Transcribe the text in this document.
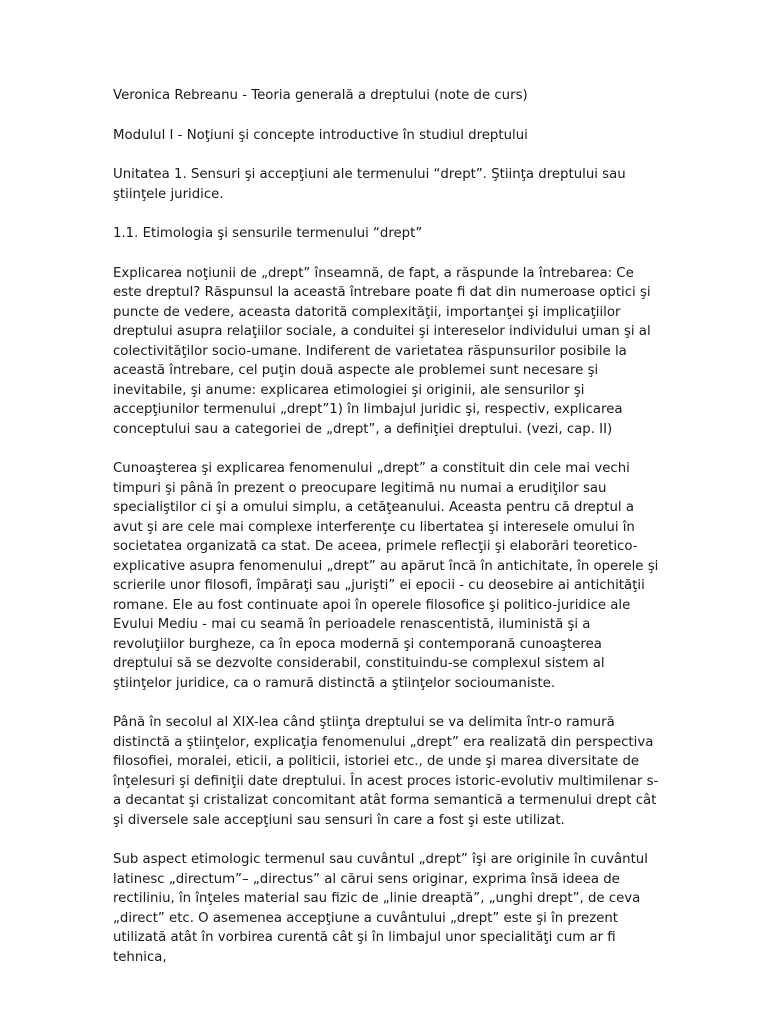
Veronica Rebreanu - Teoria generală a dreptului (note de curs)

Modulul I - Noţiuni şi concepte introductive în studiul dreptului

Unitatea 1. Sensuri şi accepţiuni ale termenului “drept”. Ştiinţa dreptului sau ştiinţele juridice.

1.1. Etimologia şi sensurile termenului “drept”

Explicarea noţiunii de „drept” înseamnă, de fapt, a răspunde la întrebarea: Ce este dreptul? Răspunsul la această întrebare poate fi dat din numeroase optici şi puncte de vedere, aceasta datorită complexităţii, importanţei şi implicaţiilor dreptului asupra relaţiilor sociale, a conduitei şi intereselor individului uman şi al colectivităţilor socio-umane. Indiferent de varietatea răspunsurilor posibile la această întrebare, cel puţin două aspecte ale problemei sunt necesare şi inevitabile, şi anume: explicarea etimologiei şi originii, ale sensurilor şi accepţiunilor termenului „drept”1) în limbajul juridic şi, respectiv, explicarea conceptului sau a categoriei de „drept”, a definiţiei dreptului. (vezi, cap. II)

Cunoaşterea şi explicarea fenomenului „drept” a constituit din cele mai vechi timpuri şi până în prezent o preocupare legitimă nu numai a erudiţilor sau specialiştilor ci şi a omului simplu, a cetăţeanului. Aceasta pentru că dreptul a avut şi are cele mai complexe interferenţe cu libertatea şi interesele omului în societatea organizată ca stat. De aceea, primele reflecţii şi elaborări teoretico-explicative asupra fenomenului „drept” au apărut încă în antichitate, în operele şi scrierile unor filosofi, împăraţi sau „jurişti” ei epocii - cu deosebire ai antichităţii romane. Ele au fost continuate apoi în operele filosofice şi politico-juridice ale Evului Mediu - mai cu seamă în perioadele renascentistă, iluministă şi a revoluţiilor burgheze, ca în epoca modernă şi contemporană cunoaşterea dreptului să se dezvolte considerabil, constituindu-se complexul sistem al ştiinţelor juridice, ca o ramură distinctă a ştiinţelor socioumaniste.

Până în secolul al XIX-lea când ştiinţa dreptului se va delimita într-o ramură distinctă a ştiinţelor, explicaţia fenomenului „drept” era realizată din perspectiva filosofiei, moralei, eticii, a politicii, istoriei etc., de unde şi marea diversitate de înţelesuri şi definiţii date dreptului. În acest proces istoric-evolutiv multimilenar s-a decantat şi cristalizat concomitant atât forma semantică a termenului drept cât şi diversele sale accepţiuni sau sensuri în care a fost şi este utilizat.

Sub aspect etimologic termenul sau cuvântul „drept” îşi are originile în cuvântul latinesc „directum”– „directus” al cărui sens originar, exprima însă ideea de rectiliniu, în înţeles material sau fizic de „linie dreaptă”, „unghi drept”, de ceva „direct” etc. O asemenea accepţiune a cuvântului „drept” este şi în prezent utilizată atât în vorbirea curentă cât şi în limbajul unor specialităţi cum ar fi tehnica,
